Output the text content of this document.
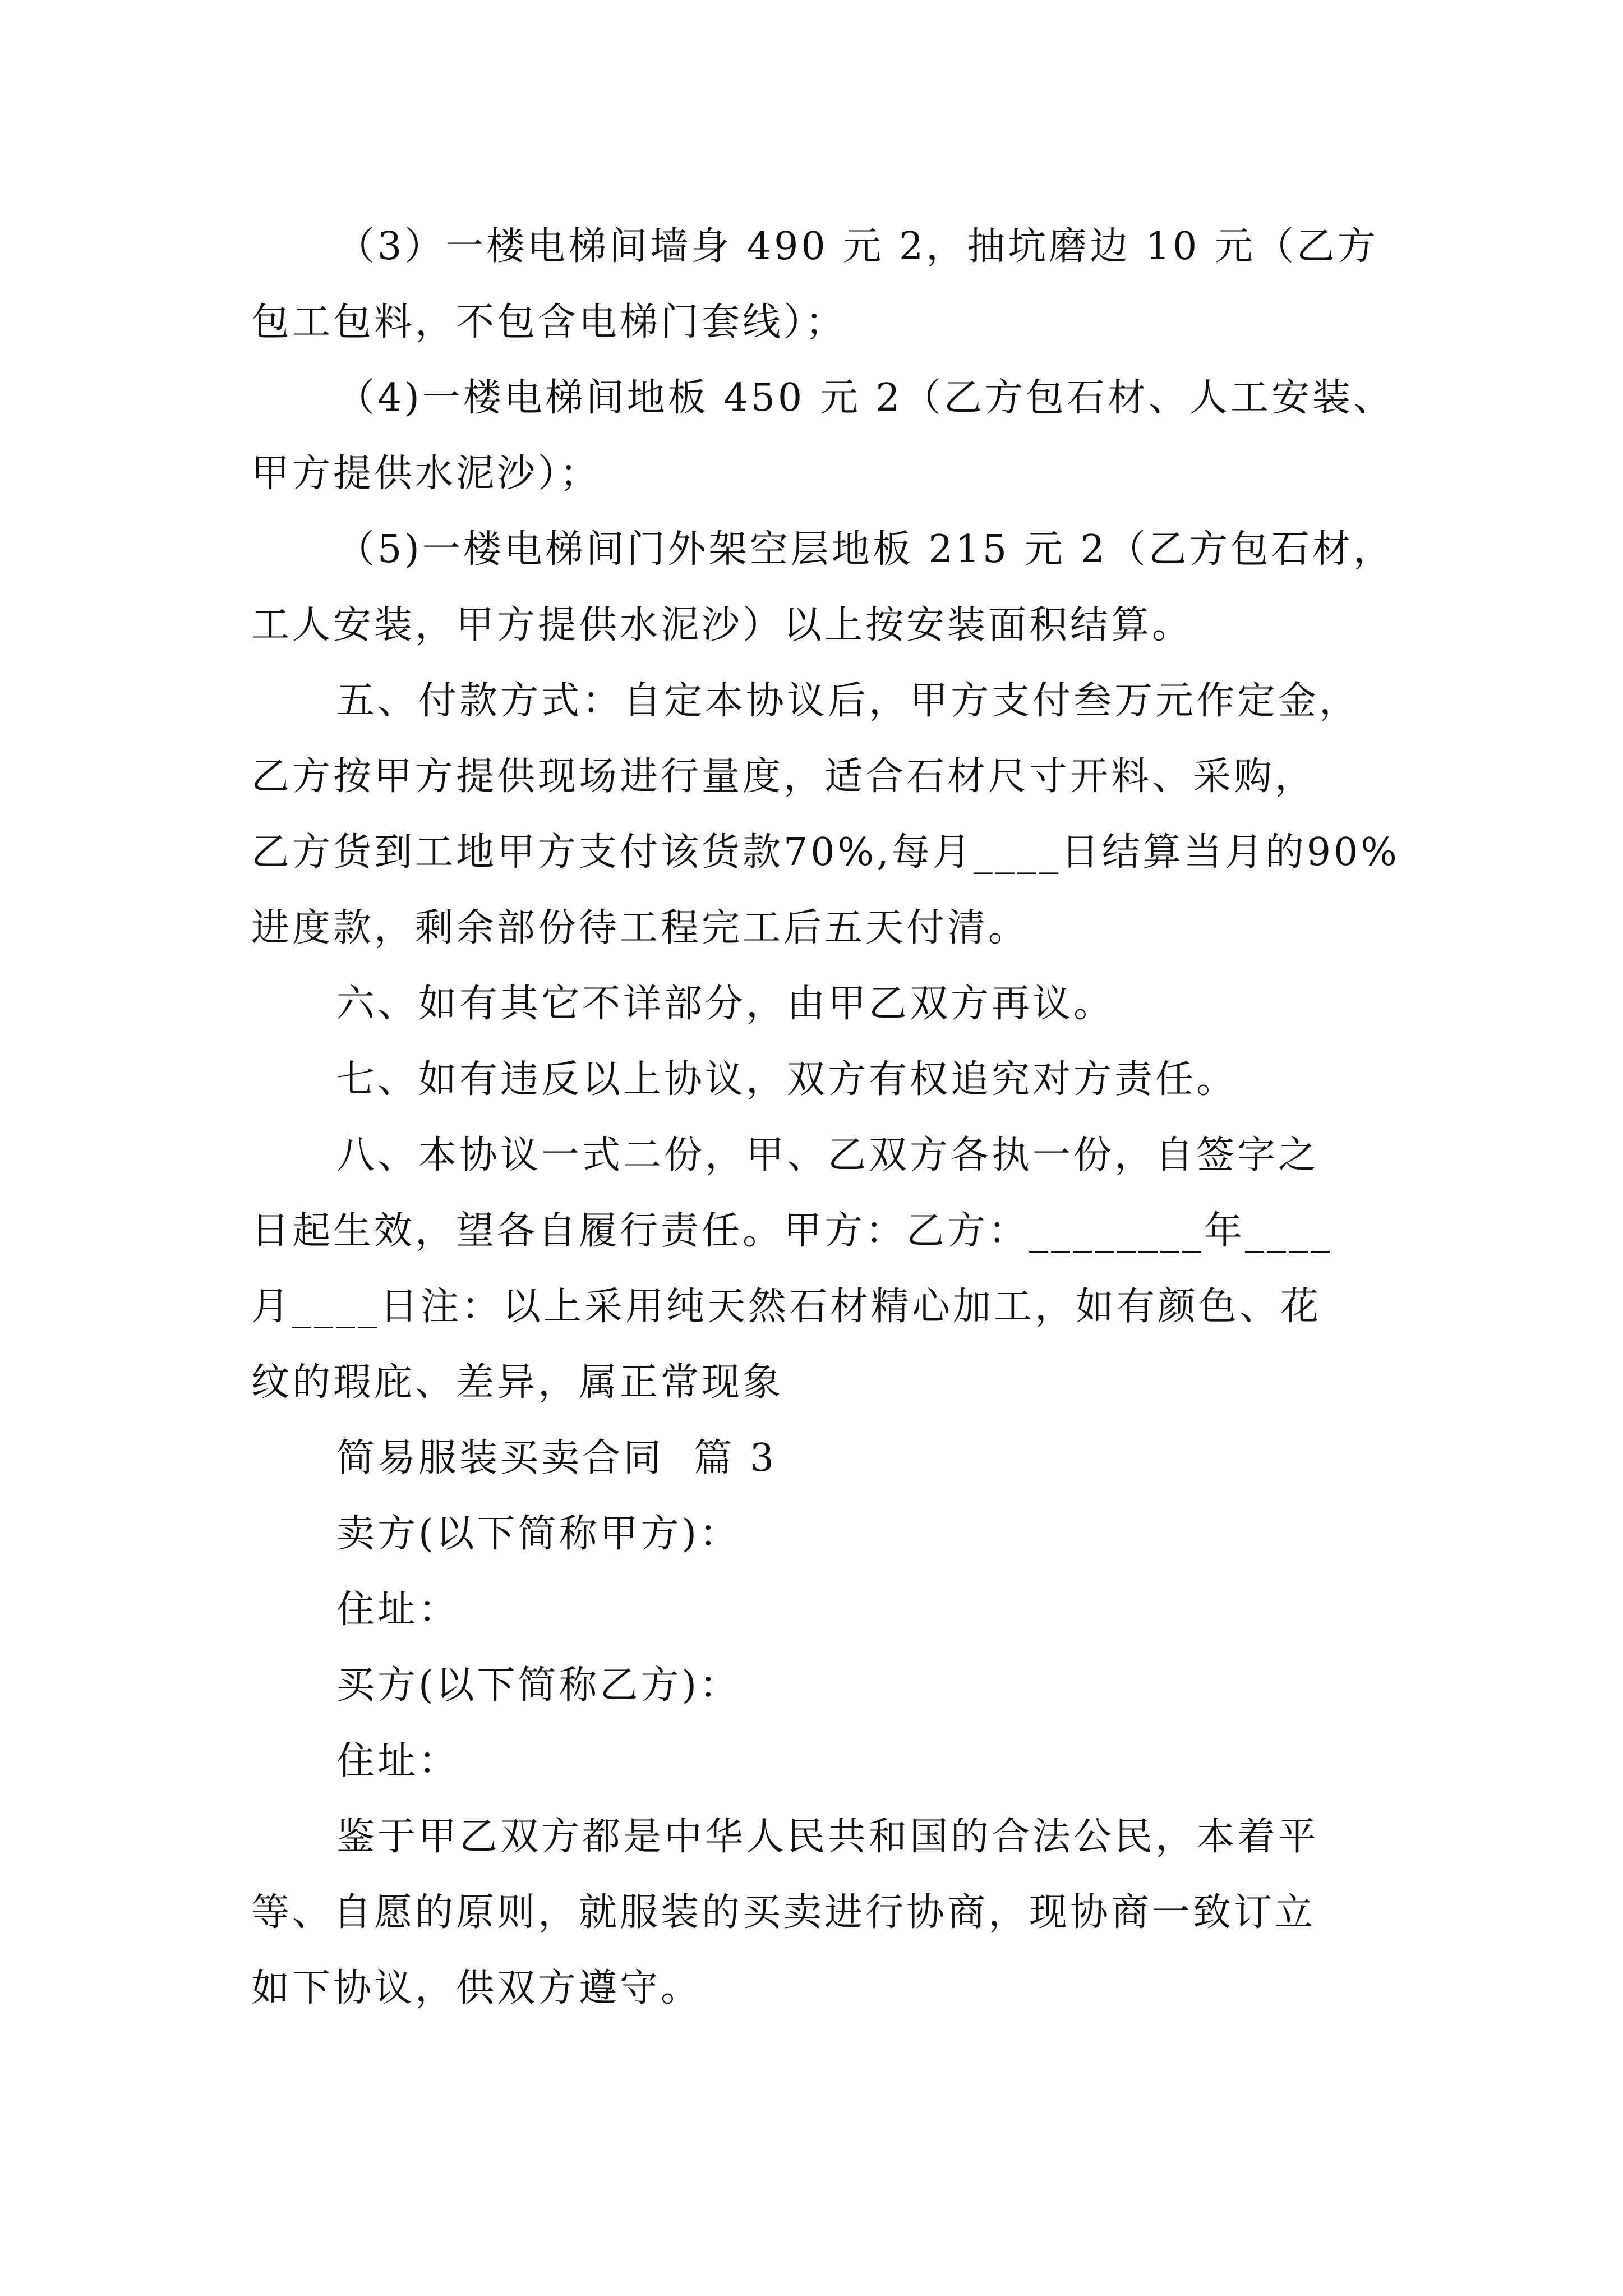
（3）一楼电梯间墙身 490 元 2，抽坑磨边 10 元（乙方
包工包料，不包含电梯门套线）；
（4)一楼电梯间地板 450 元 2（乙方包石材、人工安装、
甲方提供水泥沙）；
（5)一楼电梯间门外架空层地板 215 元 2（乙方包石材，
工人安装，甲方提供水泥沙）以上按安装面积结算。
五、付款方式：自定本协议后，甲方支付叁万元作定金，
乙方按甲方提供现场进行量度，适合石材尺寸开料、采购，
乙方货到工地甲方支付该货款70%,每月____日结算当月的90%
进度款，剩余部份待工程完工后五天付清。
六、如有其它不详部分，由甲乙双方再议。
七、如有违反以上协议，双方有权追究对方责任。
八、本协议一式二份，甲、乙双方各执一份，自签字之
日起生效，望各自履行责任。甲方：乙方：________年____
月____日注：以上采用纯天然石材精心加工，如有颜色、花
纹的瑕庇、差异，属正常现象
简易服装买卖合同  篇 3
卖方(以下简称甲方)：
住址：
买方(以下简称乙方)：
住址：
鉴于甲乙双方都是中华人民共和国的合法公民，本着平
等、自愿的原则，就服装的买卖进行协商，现协商一致订立
如下协议，供双方遵守。
